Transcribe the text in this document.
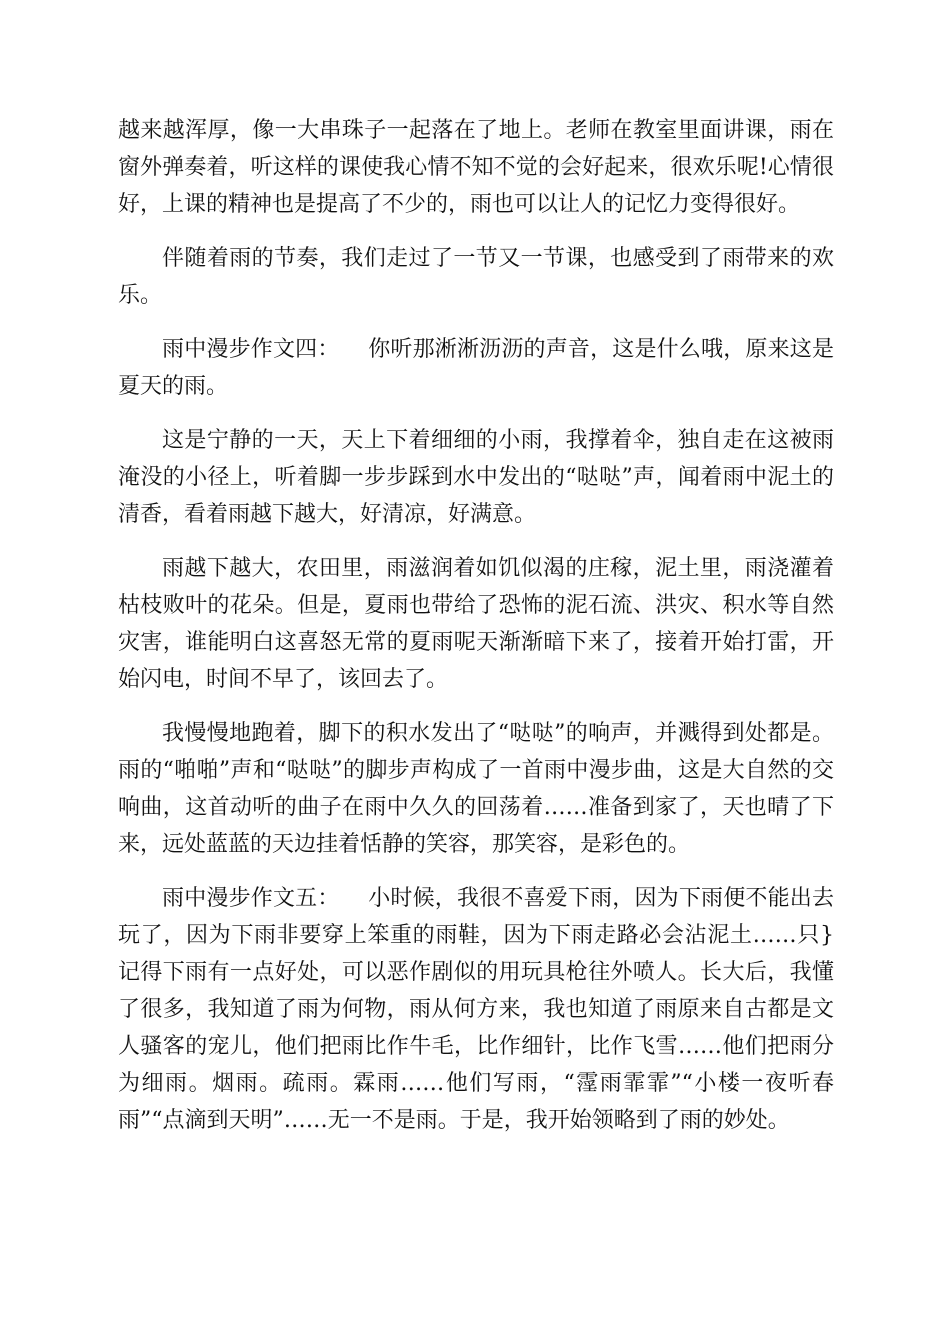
越来越浑厚，像一大串珠子一起落在了地上。老师在教室里面讲课，雨在窗外弹奏着，听这样的课使我心情不知不觉的会好起来，很欢乐呢!心情很好，上课的精神也是提高了不少的，雨也可以让人的记忆力变得很好。

伴随着雨的节奏，我们走过了一节又一节课，也感受到了雨带来的欢乐。

雨中漫步作文四：    你听那淅淅沥沥的声音，这是什么哦，原来这是夏天的雨。

这是宁静的一天，天上下着细细的小雨，我撑着伞，独自走在这被雨淹没的小径上，听着脚一步步踩到水中发出的“哒哒”声，闻着雨中泥土的清香，看着雨越下越大，好清凉，好满意。

雨越下越大，农田里，雨滋润着如饥似渴的庄稼，泥土里，雨浇灌着枯枝败叶的花朵。但是，夏雨也带给了恐怖的泥石流、洪灾、积水等自然灾害，谁能明白这喜怒无常的夏雨呢天渐渐暗下来了，接着开始打雷，开始闪电，时间不早了，该回去了。

我慢慢地跑着，脚下的积水发出了“哒哒”的响声，并溅得到处都是。雨的“啪啪”声和“哒哒”的脚步声构成了一首雨中漫步曲，这是大自然的交响曲，这首动听的曲子在雨中久久的回荡着……准备到家了，天也晴了下来，远处蓝蓝的天边挂着恬静的笑容，那笑容，是彩色的。

雨中漫步作文五：    小时候，我很不喜爱下雨，因为下雨便不能出去玩了，因为下雨非要穿上笨重的雨鞋，因为下雨走路必会沾泥土……只}记得下雨有一点好处，可以恶作剧似的用玩具枪往外喷人。长大后，我懂了很多，我知道了雨为何物，雨从何方来，我也知道了雨原来自古都是文人骚客的宠儿，他们把雨比作牛毛，比作细针，比作飞雪……他们把雨分为细雨。烟雨。疏雨。霖雨……他们写雨，“霪雨霏霏”“小楼一夜听春雨”“点滴到天明”……无一不是雨。于是，我开始领略到了雨的妙处。
